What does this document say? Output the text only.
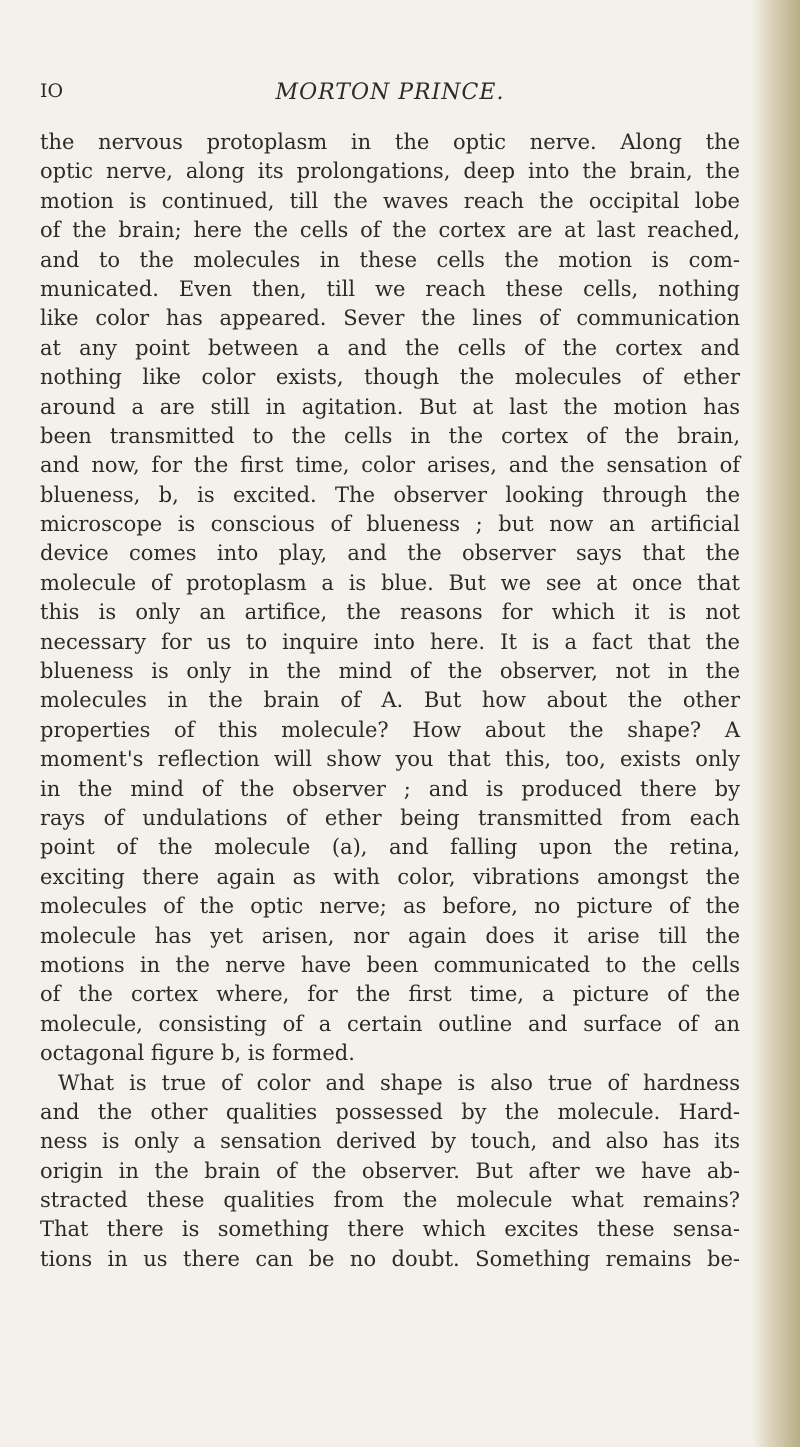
IO	MORTON PRINCE.
the nervous protoplasm in the optic nerve. Along the
optic nerve, along its prolongations, deep into the brain, the
motion is continued, till the waves reach the occipital lobe
of the brain; here the cells of the cortex are at last reached,
and to the molecules in these cells the motion is com-
municated. Even then, till we reach these cells, nothing
like color has appeared. Sever the lines of communication
at any point between a and the cells of the cortex and
nothing like color exists, though the molecules of ether
around a are still in agitation. But at last the motion has
been transmitted to the cells in the cortex of the brain,
and now, for the first time, color arises, and the sensation of
blueness, b, is excited. The observer looking through the
microscope is conscious of blueness ; but now an artificial
device comes into play, and the observer says that the
molecule of protoplasm a is blue. But we see at once that
this is only an artifice, the reasons for which it is not
necessary for us to inquire into here. It is a fact that the
blueness is only in the mind of the observer, not in the
molecules in the brain of A. But how about the other
properties of this molecule? How about the shape? A
moment's reflection will show you that this, too, exists only
in the mind of the observer ; and is produced there by
rays of undulations of ether being transmitted from each
point of the molecule (a), and falling upon the retina,
exciting there again as with color, vibrations amongst the
molecules of the optic nerve; as before, no picture of the
molecule has yet arisen, nor again does it arise till the
motions in the nerve have been communicated to the cells
of the cortex where, for the first time, a picture of the
molecule, consisting of a certain outline and surface of an
octagonal figure b, is formed.
What is true of color and shape is also true of hardness
and the other qualities possessed by the molecule. Hard-
ness is only a sensation derived by touch, and also has its
origin in the brain of the observer. But after we have ab-
stracted these qualities from the molecule what remains?
That there is something there which excites these sensa-
tions in us there can be no doubt. Something remains be-
